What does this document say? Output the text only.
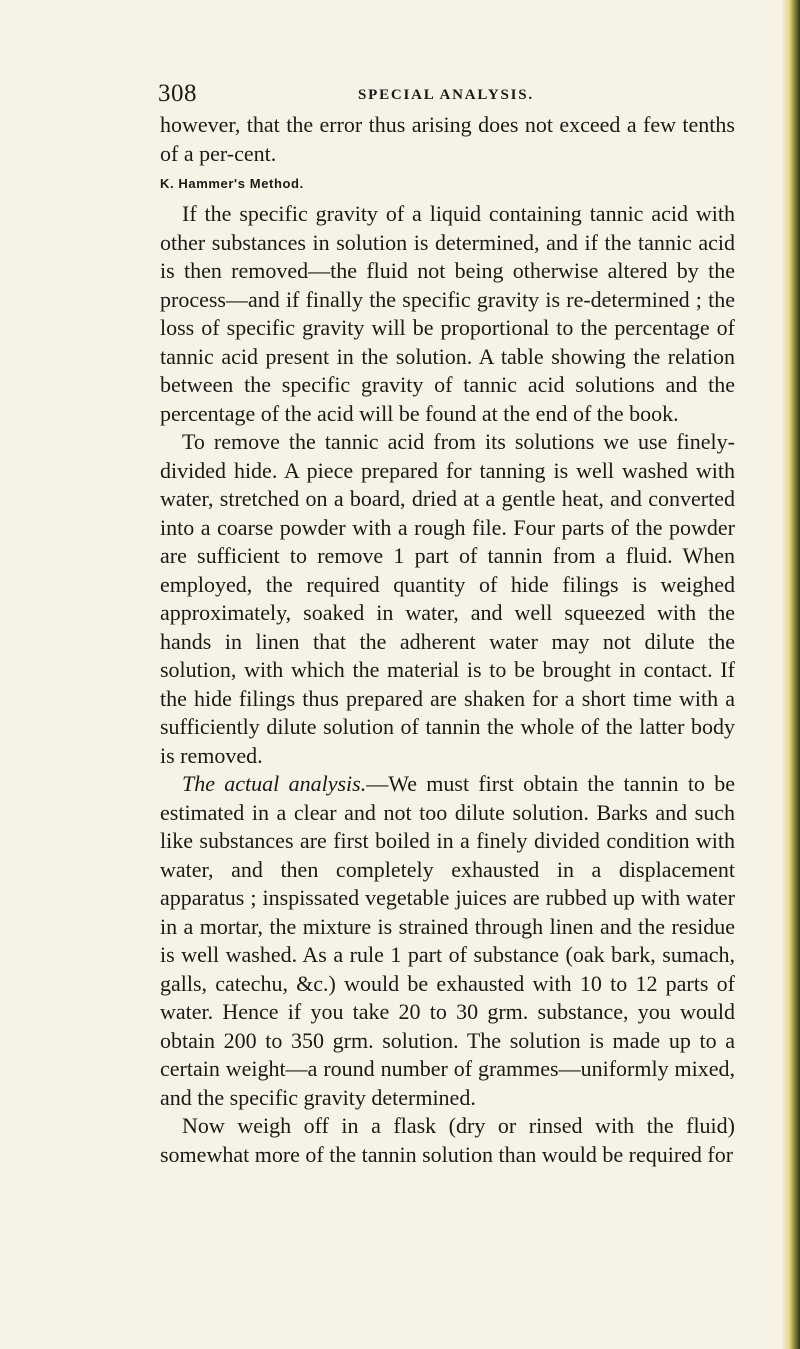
308	SPECIAL ANALYSIS.

however, that the error thus arising does not exceed a few tenths of a per-cent.

K. Hammer's Method.

If the specific gravity of a liquid containing tannic acid with other substances in solution is determined, and if the tannic acid is then removed—the fluid not being otherwise altered by the process—and if finally the specific gravity is re-determined ; the loss of specific gravity will be proportional to the percentage of tannic acid present in the solution. A table showing the relation between the specific gravity of tannic acid solutions and the percentage of the acid will be found at the end of the book.

To remove the tannic acid from its solutions we use finely-divided hide. A piece prepared for tanning is well washed with water, stretched on a board, dried at a gentle heat, and converted into a coarse powder with a rough file. Four parts of the powder are sufficient to remove 1 part of tannin from a fluid. When employed, the required quantity of hide filings is weighed approximately, soaked in water, and well squeezed with the hands in linen that the adherent water may not dilute the solution, with which the material is to be brought in contact. If the hide filings thus prepared are shaken for a short time with a sufficiently dilute solution of tannin the whole of the latter body is removed.

The actual analysis.—We must first obtain the tannin to be estimated in a clear and not too dilute solution. Barks and such like substances are first boiled in a finely divided condition with water, and then completely exhausted in a displacement apparatus ; inspissated vegetable juices are rubbed up with water in a mortar, the mixture is strained through linen and the residue is well washed. As a rule 1 part of substance (oak bark, sumach, galls, catechu, &c.) would be exhausted with 10 to 12 parts of water. Hence if you take 20 to 30 grm. substance, you would obtain 200 to 350 grm. solution. The solution is made up to a certain weight—a round number of grammes—uniformly mixed, and the specific gravity determined.

Now weigh off in a flask (dry or rinsed with the fluid) somewhat more of the tannin solution than would be required for
